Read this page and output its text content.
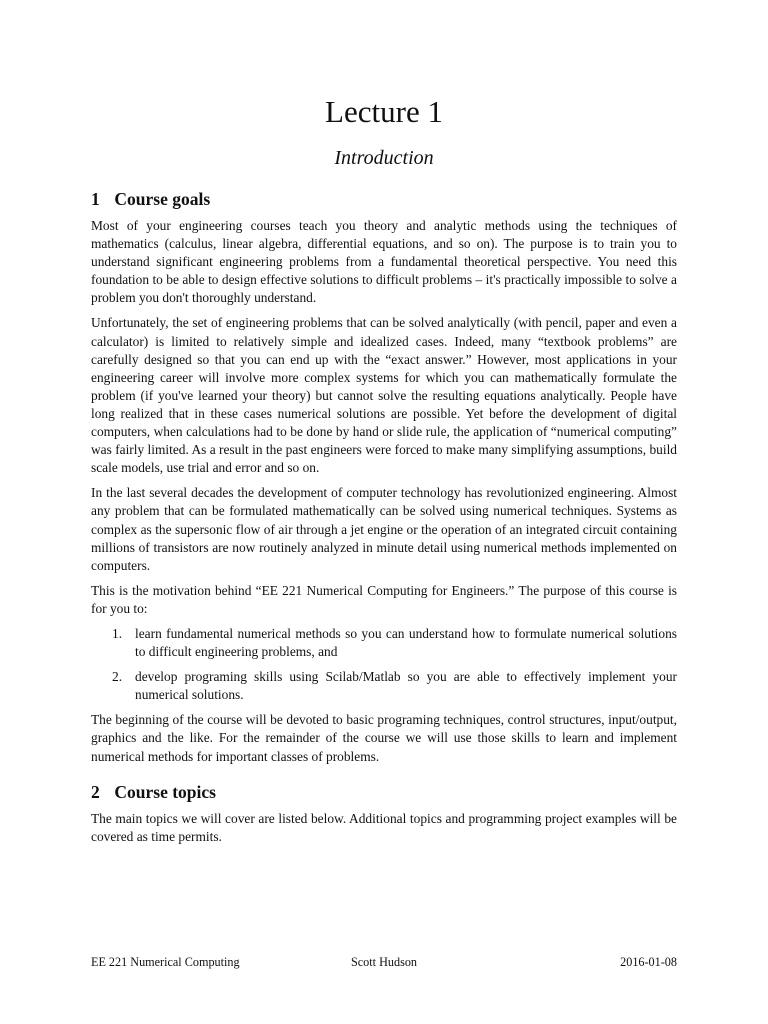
Lecture 1
Introduction
1 Course goals

Most of your engineering courses teach you theory and analytic methods using the techniques of mathematics (calculus, linear algebra, differential equations, and so on). The purpose is to train you to understand significant engineering problems from a fundamental theoretical perspective. You need this foundation to be able to design effective solutions to difficult problems – it's practically impossible to solve a problem you don't thoroughly understand.

Unfortunately, the set of engineering problems that can be solved analytically (with pencil, paper and even a calculator) is limited to relatively simple and idealized cases. Indeed, many “textbook problems” are carefully designed so that you can end up with the “exact answer.” However, most applications in your engineering career will involve more complex systems for which you can mathematically formulate the problem (if you've learned your theory) but cannot solve the resulting equations analytically. People have long realized that in these cases numerical solutions are possible. Yet before the development of digital computers, when calculations had to be done by hand or slide rule, the application of “numerical computing” was fairly limited. As a result in the past engineers were forced to make many simplifying assumptions, build scale models, use trial and error and so on.

In the last several decades the development of computer technology has revolutionized engineering. Almost any problem that can be formulated mathematically can be solved using numerical techniques. Systems as complex as the supersonic flow of air through a jet engine or the operation of an integrated circuit containing millions of transistors are now routinely analyzed in minute detail using numerical methods implemented on computers.

This is the motivation behind “EE 221 Numerical Computing for Engineers.” The purpose of this course is for you to:

1. learn fundamental numerical methods so you can understand how to formulate numerical solutions to difficult engineering problems, and
2. develop programing skills using Scilab/Matlab so you are able to effectively implement your numerical solutions.

The beginning of the course will be devoted to basic programing techniques, control structures, input/output, graphics and the like. For the remainder of the course we will use those skills to learn and implement numerical methods for important classes of problems.

2 Course topics

The main topics we will cover are listed below. Additional topics and programming project examples will be covered as time permits.

EE 221 Numerical Computing	Scott Hudson	2016-01-08
